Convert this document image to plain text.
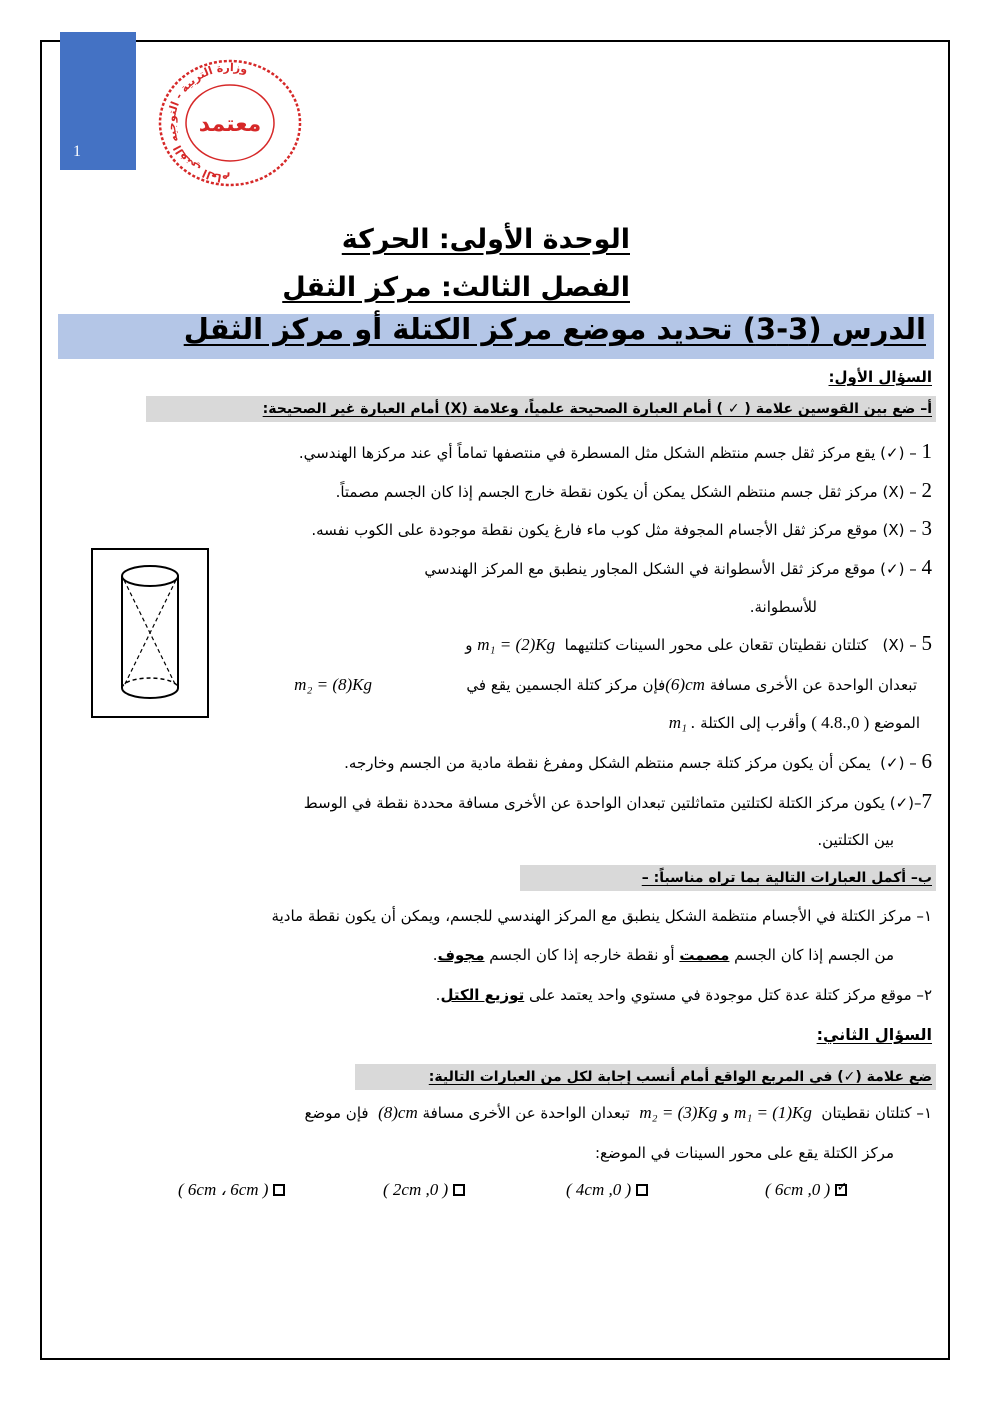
1
وزارة التربية - التوجيه الفني العام
معتمد
الوحدة الأولى: الحركة
الفصل الثالث: مركز الثقل
الدرس (3-3) تحديد موضع مركز الكتلة أو مركز الثقل
السؤال الأول:
أ– ضع بين القوسين علامة ( ✓ ) أمام العبارة الصحيحة علمياً، وعلامة (X) أمام العبارة غير الصحيحة:
1 – (✓) يقع مركز ثقل جسم منتظم الشكل مثل المسطرة في منتصفها تماماً أي عند مركزها الهندسي.
2 – (X) مركز ثقل جسم منتظم الشكل يمكن أن يكون نقطة خارج الجسم إذا كان الجسم مصمتاً.
3 – (X) موقع مركز ثقل الأجسام المجوفة مثل كوب ماء فارغ يكون نقطة موجودة على الكوب نفسه.
4 – (✓) موقع مركز ثقل الأسطوانة في الشكل المجاور ينطبق مع المركز الهندسي
للأسطوانة.
5 – (X)   كتلتان نقطيتان تقعان على محور السينات كتلتيهما  m₁ = (2)Kg و
تبعدان الواحدة عن الأخرى مسافة (6)cmفإن مركز كتلة الجسمين يقع في
m₂ = (8)Kg
الموضع ( 4.8.,0 ) وأقرب إلى الكتلة m₁ .
6 – (✓)  يمكن أن يكون مركز كتلة جسم منتظم الشكل ومفرغ نقطة مادية من الجسم وخارجه.
7–(✓) يكون مركز الكتلة لكتلتين متماثلتين تبعدان الواحدة عن الأخرى مسافة محددة نقطة في الوسط
بين الكتلتين.
ب– أكمل العبارات التالية بما تراه مناسباً: –
١– مركز الكتلة في الأجسام منتظمة الشكل ينطبق مع المركز الهندسي للجسم، ويمكن أن يكون نقطة مادية
من الجسم إذا كان الجسم مصمت أو نقطة خارجه إذا كان الجسم مجوف.
٢– موقع مركز كتلة عدة كتل موجودة في مستوي واحد يعتمد على توزيع الكتل.
السؤال الثاني:
ضع علامة (✓) في المربع الواقع أمام أنسب إجابة لكل من العبارات التالية:
١– كتلتان نقطيتان  m₁ = (1)Kg و m₂ = (3)Kg  تبعدان الواحدة عن الأخرى مسافة (8)cm  فإن موضع
مركز الكتلة يقع على محور السينات في الموضع:
( 6cm ,0 ) ✓
( 4cm ,0 )
( 2cm ,0 )
( 6cm ، 6cm )
